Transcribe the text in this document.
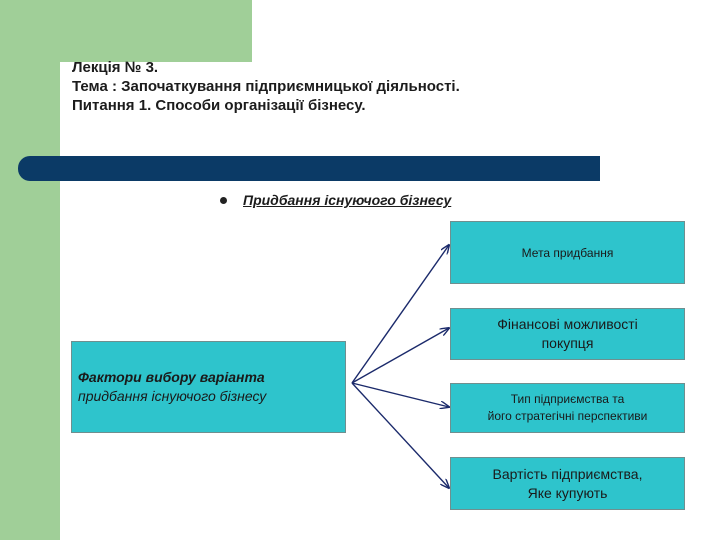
Лекція № 3.
Тема : Започаткування підприємницької діяльності.
Питання 1. Способи організації бізнесу.
Придбання існуючого бізнесу
Фактори вибору варіанта
придбання існуючого бізнесу
Мета придбання
Фінансові можливості
покупця
Тип підприємства та
його стратегічні перспективи
Вартість підприємства,
Яке купують
